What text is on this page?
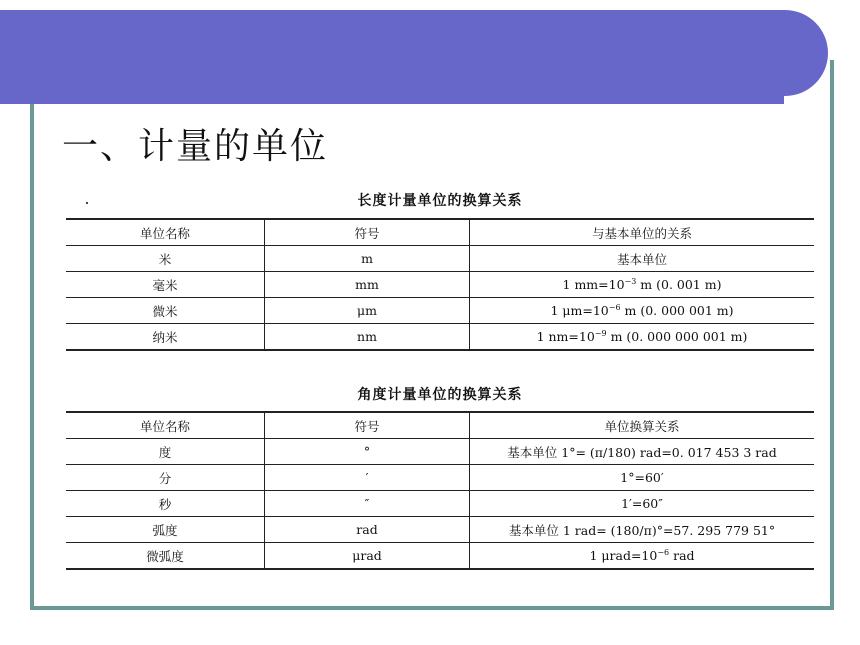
一、计量的单位
长度计量单位的换算关系
单位名称	符号	与基本单位的关系
米	m	基本单位
毫米	mm	1 $mm=10^{-3}$ m (0. 001 m)
微米	μm	1 $\mu m=10^{-6}$ m (0. 000 001 m)
纳米	nm	1 $nm=10^{-9}$ m (0. 000 000 001 m)
角度计量单位的换算关系
单位名称	符号	单位换算关系
度	°	基本单位 1°= (π/180) rad=0. 017 453 3 rad
分	′	1°=60′
秒	″	1′=60″
弧度	rad	基本单位 1 rad= (180/π)°=57. 295 779 51°
微弧度	μrad	1 $\mu rad=10^{-6}$ rad
